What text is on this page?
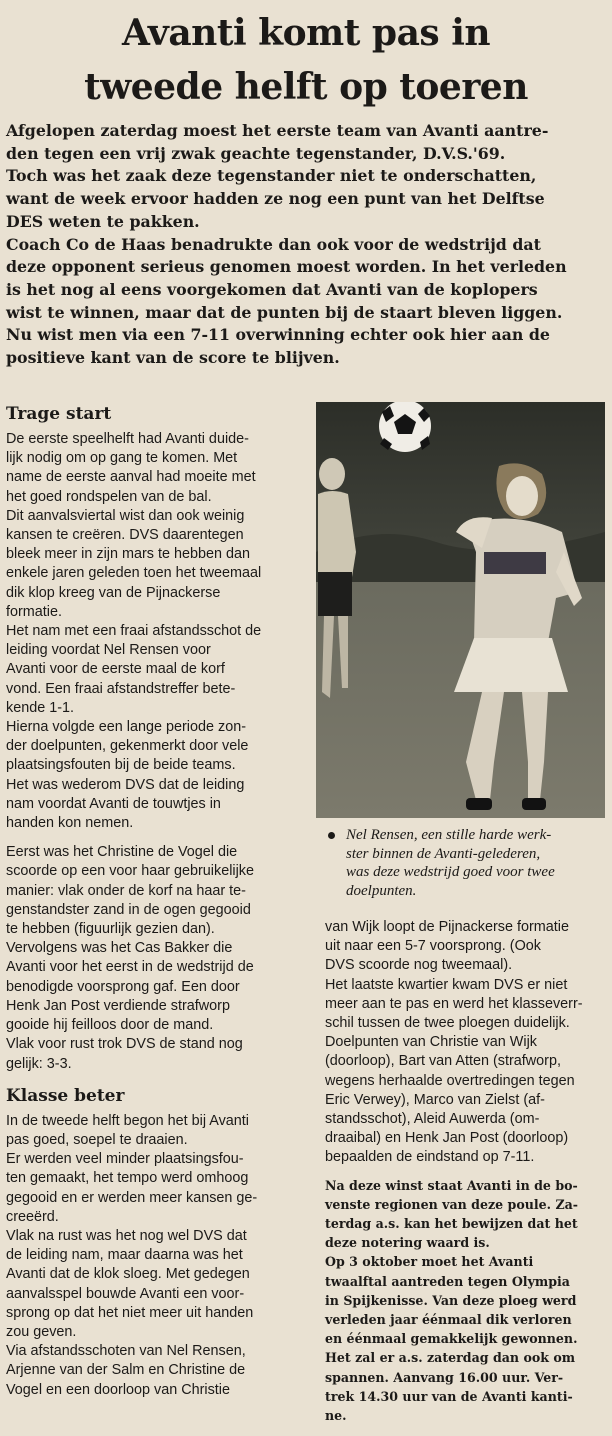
Avanti komt pas in
tweede helft op toeren

Afgelopen zaterdag moest het eerste team van Avanti aantre-
den tegen een vrij zwak geachte tegenstander, D.V.S.'69.

Toch was het zaak deze tegenstander niet te onderschatten,
want de week ervoor hadden ze nog een punt van het Delftse
DES weten te pakken.

Coach Co de Haas benadrukte dan ook voor de wedstrijd dat
deze opponent serieus genomen moest worden. In het verleden
is het nog al eens voorgekomen dat Avanti van de koplopers
wist te winnen, maar dat de punten bij de staart bleven liggen.

Nu wist men via een 7-11 overwinning echter ook hier aan de
positieve kant van de score te blijven.

Trage start

De eerste speelhelft had Avanti duide-
lijk nodig om op gang te komen. Met
name de eerste aanval had moeite met
het goed rondspelen van de bal.

Dit aanvalsviertal wist dan ook weinig
kansen te creëren. DVS daarentegen
bleek meer in zijn mars te hebben dan
enkele jaren geleden toen het tweemaal
dik klop kreeg van de Pijnackerse
formatie.

Het nam met een fraai afstandsschot de
leiding voordat Nel Rensen voor
Avanti voor de eerste maal de korf
vond. Een fraai afstandstreffer bete-
kende 1-1.

Hierna volgde een lange periode zon-
der doelpunten, gekenmerkt door vele
plaatsingsfouten bij de beide teams.
Het was wederom DVS dat de leiding
nam voordat Avanti de touwtjes in
handen kon nemen.

Eerst was het Christine de Vogel die
scoorde op een voor haar gebruikelijke
manier: vlak onder de korf na haar te-
genstandster zand in de ogen gegooid
te hebben (figuurlijk gezien dan).

Vervolgens was het Cas Bakker die
Avanti voor het eerst in de wedstrijd de
benodigde voorsprong gaf. Een door
Henk Jan Post verdiende strafworp
gooide hij feilloos door de mand.

Vlak voor rust trok DVS de stand nog
gelijk: 3-3.

Klasse beter

In de tweede helft begon het bij Avanti
pas goed, soepel te draaien.

Er werden veel minder plaatsingsfou-
ten gemaakt, het tempo werd omhoog
gegooid en er werden meer kansen ge-
creeërd.

Vlak na rust was het nog wel DVS dat
de leiding nam, maar daarna was het
Avanti dat de klok sloeg. Met gedegen
aanvalsspel bouwde Avanti een voor-
sprong op dat het niet meer uit handen
zou geven.

Via afstandsschoten van Nel Rensen,
Arjenne van der Salm en Christine de
Vogel en een doorloop van Christie

Nel Rensen, een stille harde werk-
ster binnen de Avanti-gelederen,
was deze wedstrijd goed voor twee
doelpunten.

van Wijk loopt de Pijnackerse formatie
uit naar een 5-7 voorsprong. (Ook
DVS scoorde nog tweemaal).

Het laatste kwartier kwam DVS er niet
meer aan te pas en werd het klasseverr-
schil tussen de twee ploegen duidelijk.

Doelpunten van Christie van Wijk
(doorloop), Bart van Atten (strafworp,
wegens herhaalde overtredingen tegen
Eric Verwey), Marco van Zielst (af-
standsschot), Aleid Auwerda (om-
draaibal) en Henk Jan Post (doorloop)
bepaalden de eindstand op 7-11.

Na deze winst staat Avanti in de bo-
venste regionen van deze poule. Za-
terdag a.s. kan het bewijzen dat het
deze notering waard is.

Op 3 oktober moet het Avanti
twaalftal aantreden tegen Olympia
in Spijkenisse. Van deze ploeg werd
verleden jaar éénmaal dik verloren
en éénmaal gemakkelijk gewonnen.
Het zal er a.s. zaterdag dan ook om
spannen. Aanvang 16.00 uur. Ver-
trek 14.30 uur van de Avanti kanti-
ne.
